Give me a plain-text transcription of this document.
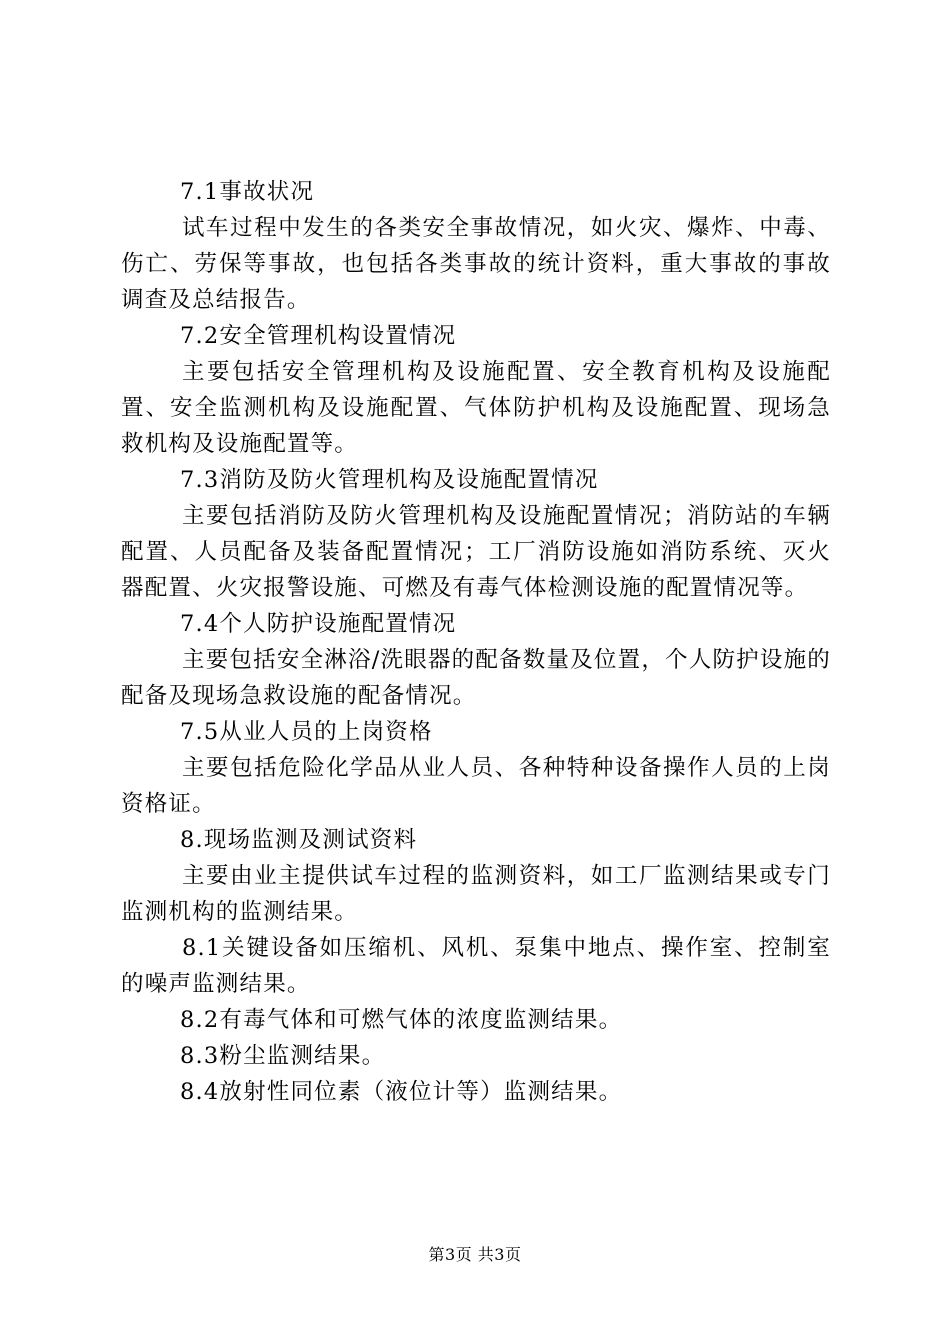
7.1事故状况

试车过程中发生的各类安全事故情况，如火灾、爆炸、中毒、伤亡、劳保等事故，也包括各类事故的统计资料，重大事故的事故调查及总结报告。

7.2安全管理机构设置情况

主要包括安全管理机构及设施配置、安全教育机构及设施配置、安全监测机构及设施配置、气体防护机构及设施配置、现场急救机构及设施配置等。

7.3消防及防火管理机构及设施配置情况

主要包括消防及防火管理机构及设施配置情况；消防站的车辆配置、人员配备及装备配置情况；工厂消防设施如消防系统、灭火器配置、火灾报警设施、可燃及有毒气体检测设施的配置情况等。

7.4个人防护设施配置情况

主要包括安全淋浴/洗眼器的配备数量及位置，个人防护设施的配备及现场急救设施的配备情况。

7.5从业人员的上岗资格

主要包括危险化学品从业人员、各种特种设备操作人员的上岗资格证。

8.现场监测及测试资料

主要由业主提供试车过程的监测资料，如工厂监测结果或专门监测机构的监测结果。

8.1关键设备如压缩机、风机、泵集中地点、操作室、控制室的噪声监测结果。

8.2有毒气体和可燃气体的浓度监测结果。

8.3粉尘监测结果。

8.4放射性同位素（液位计等）监测结果。

第3页 共3页
